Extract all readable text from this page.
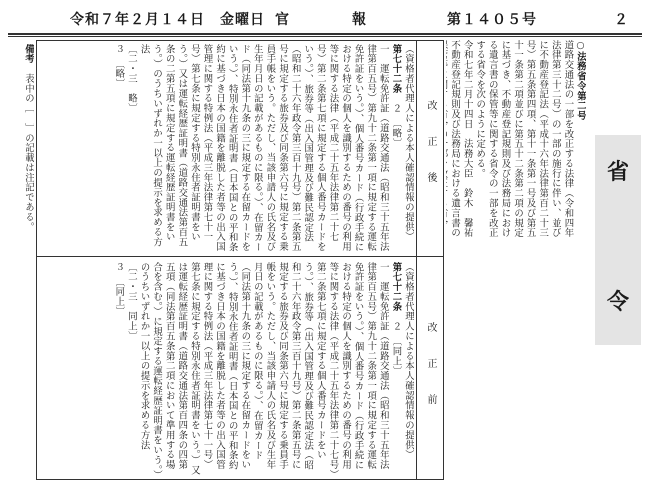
令和７年２月１４日　金曜日 官	報	第１４０５号	２
省
令
○法務省令第二号
道路交通法の一部を改正する法律（令和四年法律第三十二号）の一部の施行に伴い、並びに不動産登記法（平成十六年法律第百二十三号）第五条第四項、第十一条第一号及び第五十一条第二項並びに第五十二条第二項の規定に基づき、不動産登記規則及び法務局における遺言書の保管等に関する省令の一部を改正する省令を次のように定める。
令和七年二月十四日　法務大臣　鈴木　馨祐
不動産登記規則及び法務局における遺言書の

改　正　後
改　正　前
（資格者代理人による本人確認情報の提供）
第七十二条　２　〔略〕
一　運転免許証（道路交通法（昭和三十五年法律第百五号）第九十二条第一項に規定する運転免許証をいう。）、個人番号カード（行政手続における特定の個人を識別するための番号の利用等に関する法律（平成二十五年法律第二十七号）第二条第七項に規定する個人番号カードをいう。）、旅券等（出入国管理及び難民認定法（昭和二十六年政令第三百十九号）第二条第五号に規定する旅券及び同条第六号に規定する乗員手帳をいう。ただし、当該申請人の氏名及び生年月日の記載があるものに限る。）、在留カード（同法第十九条の三に規定する在留カードをいう。）、特別永住者証明書（日本国との平和条約に基づき日本の国籍を離脱した者等の出入国管理に関する特例法（平成三年法律第七十一号）第七条に規定する特別永住者証明書をいう。）又は運転経歴証明書（道路交通法第百五条の二第五項に規定する運転経歴証明書をいう。）のうちいずれか一以上の提示を求める方法
〔二・三　略〕
３　〔略〕
（資格者代理人による本人確認情報の提供）
第七十二条　２　〔同上〕
一　運転免許証（道路交通法（昭和三十五年法律第百五号）第九十二条第一項に規定する運転免許証をいう。）、個人番号カード（行政手続における特定の個人を識別するための番号の利用等に関する法律（平成二十五年法律第二十七号）第二条第七項に規定する個人番号カードをいう。）、旅券等（出入国管理及び難民認定法（昭和二十六年政令第三百十九号）第二条第五号に規定する旅券及び同条第六号に規定する乗員手帳をいう。ただし、当該申請人の氏名及び生年月日の記載があるものに限る。）、在留カード（同法第十九条の三に規定する在留カードをいう。）、特別永住者証明書（日本国との平和条約に基づき日本の国籍を離脱した者等の出入国管理に関する特例法（平成三年法律第七十一号）第七条に規定する特別永住者証明書をいう。）又は運転経歴証明書（道路交通法第百四条の四第五項（同法第百五条第二項において準用する場合を含む。）に規定する運転経歴証明書をいう。）のうちいずれか一以上の提示を求める方法
〔二・三　同上〕
３　〔同上〕
備考　表中の［　］の記載は注記である。
